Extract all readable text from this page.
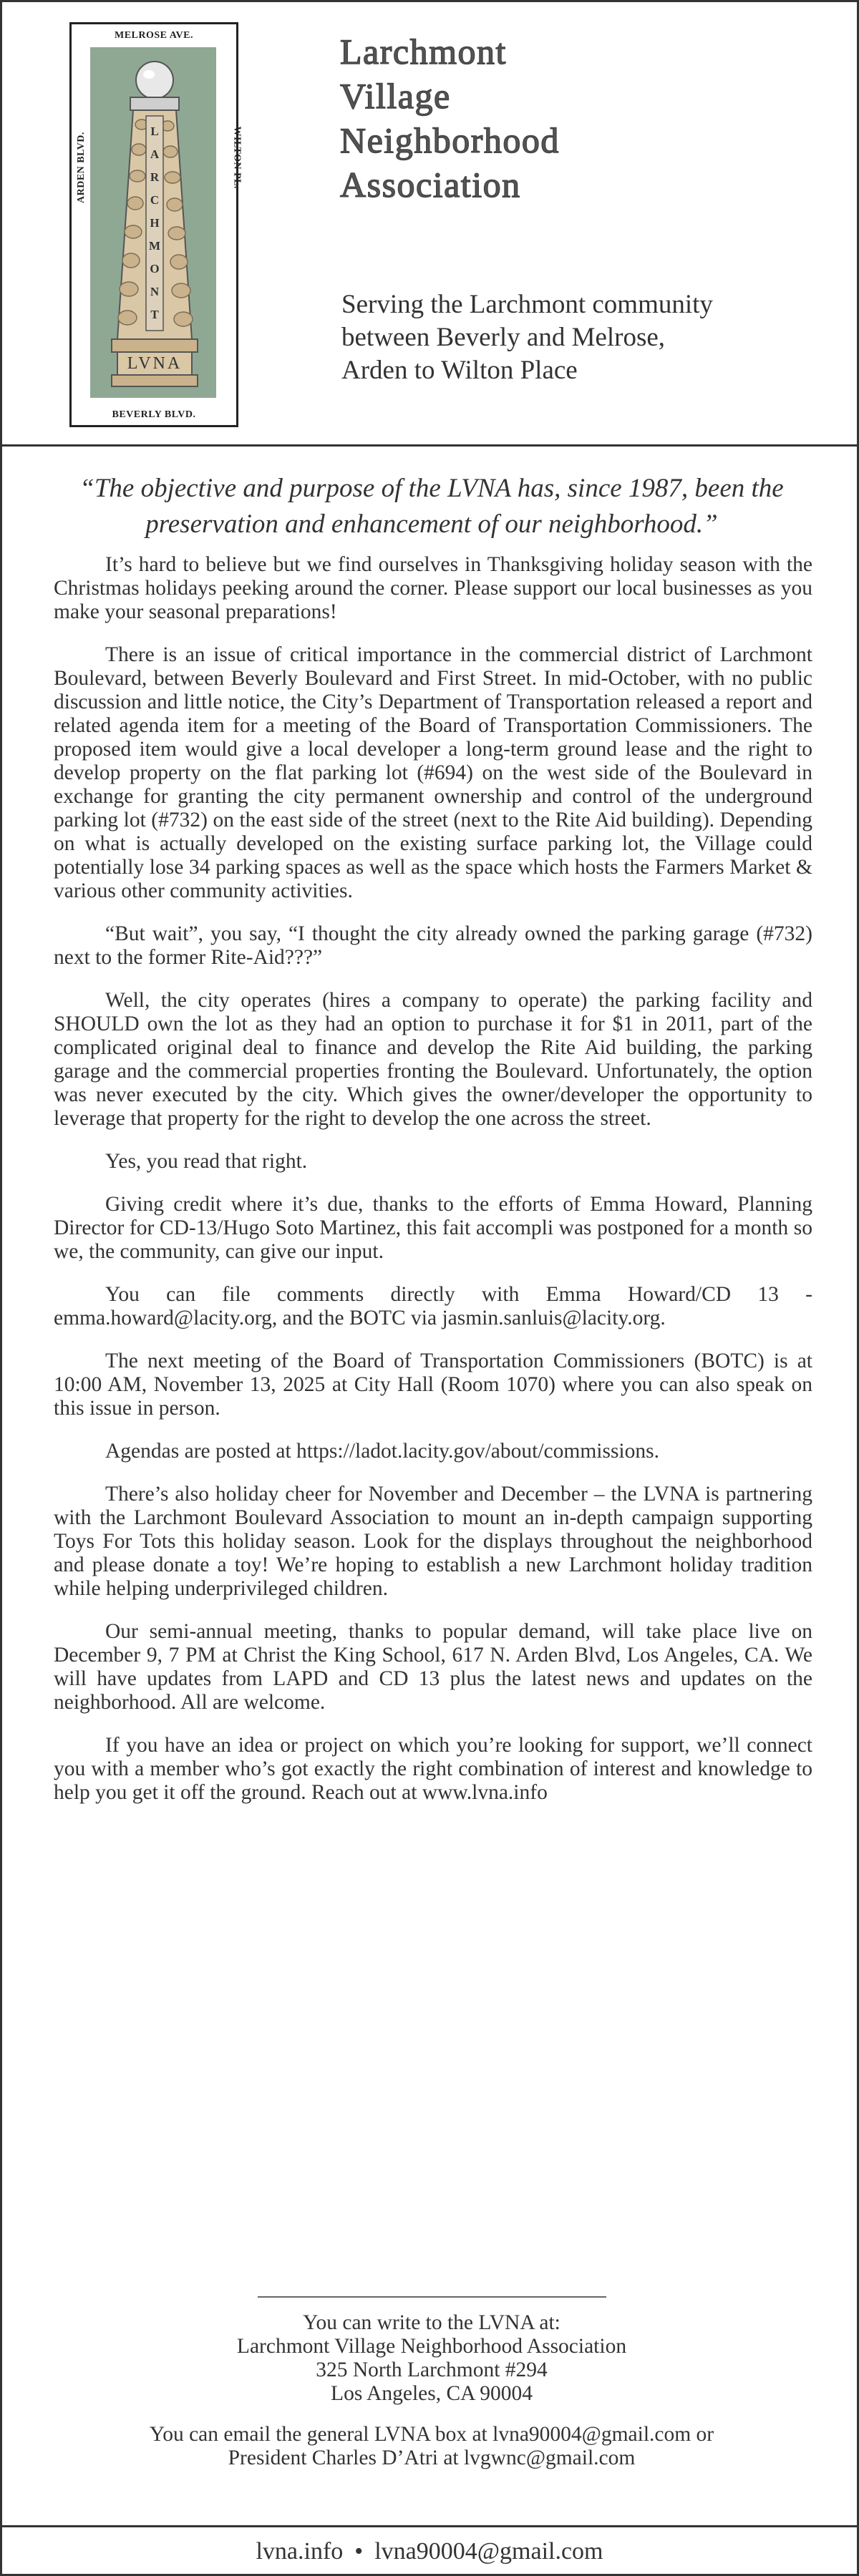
MELROSE AVE.
ARDEN BLVD.	WILTON PL.
L
A
R
C
H
M
O
N
T
LVNA
BEVERLY BLVD.
Larchmont
Village
Neighborhood
Association
Serving the Larchmont community
between Beverly and Melrose,
Arden to Wilton Place
“The objective and purpose of the LVNA has, since 1987, been the preservation and enhancement of our neighborhood.”

It’s hard to believe but we find ourselves in Thanksgiving holiday season with the Christmas holidays peeking around the corner. Please support our local businesses as you make your seasonal preparations!

There is an issue of critical importance in the commercial district of Larchmont Boulevard, between Beverly Boulevard and First Street. In mid-October, with no public discussion and little notice, the City’s Department of Transportation released a report and related agenda item for a meeting of the Board of Transportation Commissioners. The proposed item would give a local developer a long-term ground lease and the right to develop property on the flat parking lot (#694) on the west side of the Boulevard in exchange for granting the city permanent ownership and control of the underground parking lot (#732) on the east side of the street (next to the Rite Aid building). Depending on what is actually developed on the existing surface parking lot, the Village could potentially lose 34 parking spaces as well as the space which hosts the Farmers Market & various other community activities.

“But wait”, you say, “I thought the city already owned the parking garage (#732) next to the former Rite-Aid???”

Well, the city operates (hires a company to operate) the parking facility and SHOULD own the lot as they had an option to purchase it for $1 in 2011, part of the complicated original deal to finance and develop the Rite Aid building, the parking garage and the commercial properties fronting the Boulevard. Unfortunately, the option was never executed by the city. Which gives the owner/developer the opportunity to leverage that property for the right to develop the one across the street.

Yes, you read that right.

Giving credit where it’s due, thanks to the efforts of Emma Howard, Planning Director for CD-13/Hugo Soto Martinez, this fait accompli was postponed for a month so we, the community, can give our input.

You can file comments directly with Emma Howard/CD 13 - emma.howard@lacity.org, and the BOTC via jasmin.sanluis@lacity.org.

The next meeting of the Board of Transportation Commissioners (BOTC) is at 10:00 AM, November 13, 2025 at City Hall (Room 1070) where you can also speak on this issue in person.

Agendas are posted at https://ladot.lacity.gov/about/commissions.

There’s also holiday cheer for November and December – the LVNA is partnering with the Larchmont Boulevard Association to mount an in-depth campaign supporting Toys For Tots this holiday season. Look for the displays throughout the neighborhood and please donate a toy! We’re hoping to establish a new Larchmont holiday tradition while helping underprivileged children.

Our semi-annual meeting, thanks to popular demand, will take place live on December 9, 7 PM at Christ the King School, 617 N. Arden Blvd, Los Angeles, CA. We will have updates from LAPD and CD 13 plus the latest news and updates on the neighborhood. All are welcome.

If you have an idea or project on which you’re looking for support, we’ll connect you with a member who’s got exactly the right combination of interest and knowledge to help you get it off the ground. Reach out at www.lvna.info

You can write to the LVNA at:
Larchmont Village Neighborhood Association
325 North Larchmont #294
Los Angeles, CA 90004
You can email the general LVNA box at lvna90004@gmail.com or
President Charles D’Atri at lvgwnc@gmail.com
lvna.info • lvna90004@gmail.com
